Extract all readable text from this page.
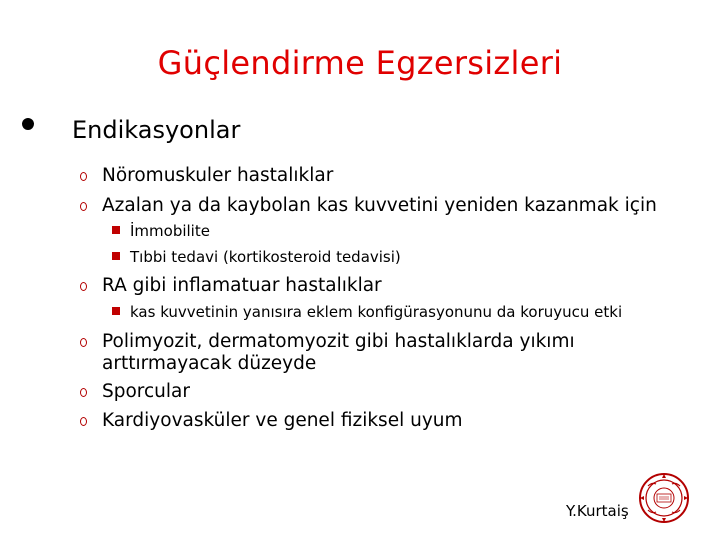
Güçlendirme Egzersizleri
Endikasyonlar
Nöromuskuler hastalıklar
Azalan ya da kaybolan kas kuvvetini yeniden kazanmak için
İmmobilite
Tıbbi tedavi (kortikosteroid tedavisi)
RA gibi inflamatuar hastalıklar
kas kuvvetinin yanısıra eklem konfigürasyonunu da koruyucu etki
Polimyozit, dermatomyozit gibi hastalıklarda yıkımı
arttırmayacak düzeyde
Sporcular
Kardiyovasküler ve genel fiziksel uyum
Y.Kurtaiş
